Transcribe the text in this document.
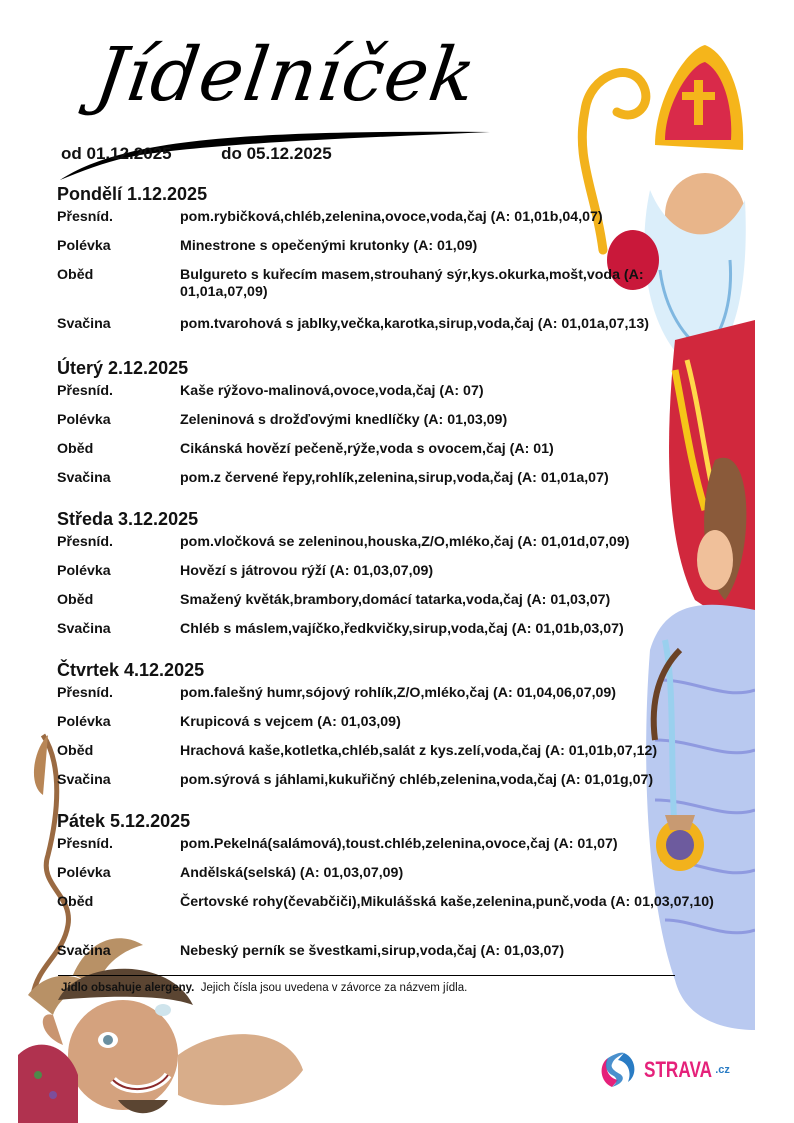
Jídelníček
od 01.12.2025	do 05.12.2025
Pondělí 1.12.2025
Přesníd.	pom.rybičková,chléb,zelenina,ovoce,voda,čaj (A: 01,01b,04,07)
Polévka	Minestrone s opečenými krutonky (A: 01,09)
Oběd	Bulgureto s kuřecím masem,strouhaný sýr,kys.okurka,mošt,voda (A: 01,01a,07,09)
Svačina	pom.tvarohová s jablky,večka,karotka,sirup,voda,čaj (A: 01,01a,07,13)
Úterý 2.12.2025
Přesníd.	Kaše rýžovo-malinová,ovoce,voda,čaj (A: 07)
Polévka	Zeleninová s drožďovými knedlíčky (A: 01,03,09)
Oběd	Cikánská hovězí pečeně,rýže,voda s ovocem,čaj (A: 01)
Svačina	pom.z červené řepy,rohlík,zelenina,sirup,voda,čaj (A: 01,01a,07)
Středa 3.12.2025
Přesníd.	pom.vločková se zeleninou,houska,Z/O,mléko,čaj (A: 01,01d,07,09)
Polévka	Hovězí s játrovou rýží (A: 01,03,07,09)
Oběd	Smažený květák,brambory,domácí tatarka,voda,čaj (A: 01,03,07)
Svačina	Chléb s máslem,vajíčko,ředkvičky,sirup,voda,čaj (A: 01,01b,03,07)
Čtvrtek 4.12.2025
Přesníd.	pom.falešný humr,sójový rohlík,Z/O,mléko,čaj (A: 01,04,06,07,09)
Polévka	Krupicová s vejcem (A: 01,03,09)
Oběd	Hrachová kaše,kotletka,chléb,salát z kys.zelí,voda,čaj (A: 01,01b,07,12)
Svačina	pom.sýrová s jáhlami,kukuřičný chléb,zelenina,voda,čaj (A: 01,01g,07)
Pátek 5.12.2025
Přesníd.	pom.Pekelná(salámová),toust.chléb,zelenina,ovoce,čaj (A: 01,07)
Polévka	Andělská(selská) (A: 01,03,07,09)
Oběd	Čertovské rohy(čevabčiči),Mikulášská kaše,zelenina,punč,voda (A: 01,03,07,10)
Svačina	Nebeský perník se švestkami,sirup,voda,čaj (A: 01,03,07)
Jídlo obsahuje alergeny. Jejich čísla jsou uvedena v závorce za názvem jídla.
STRAVA .cz
